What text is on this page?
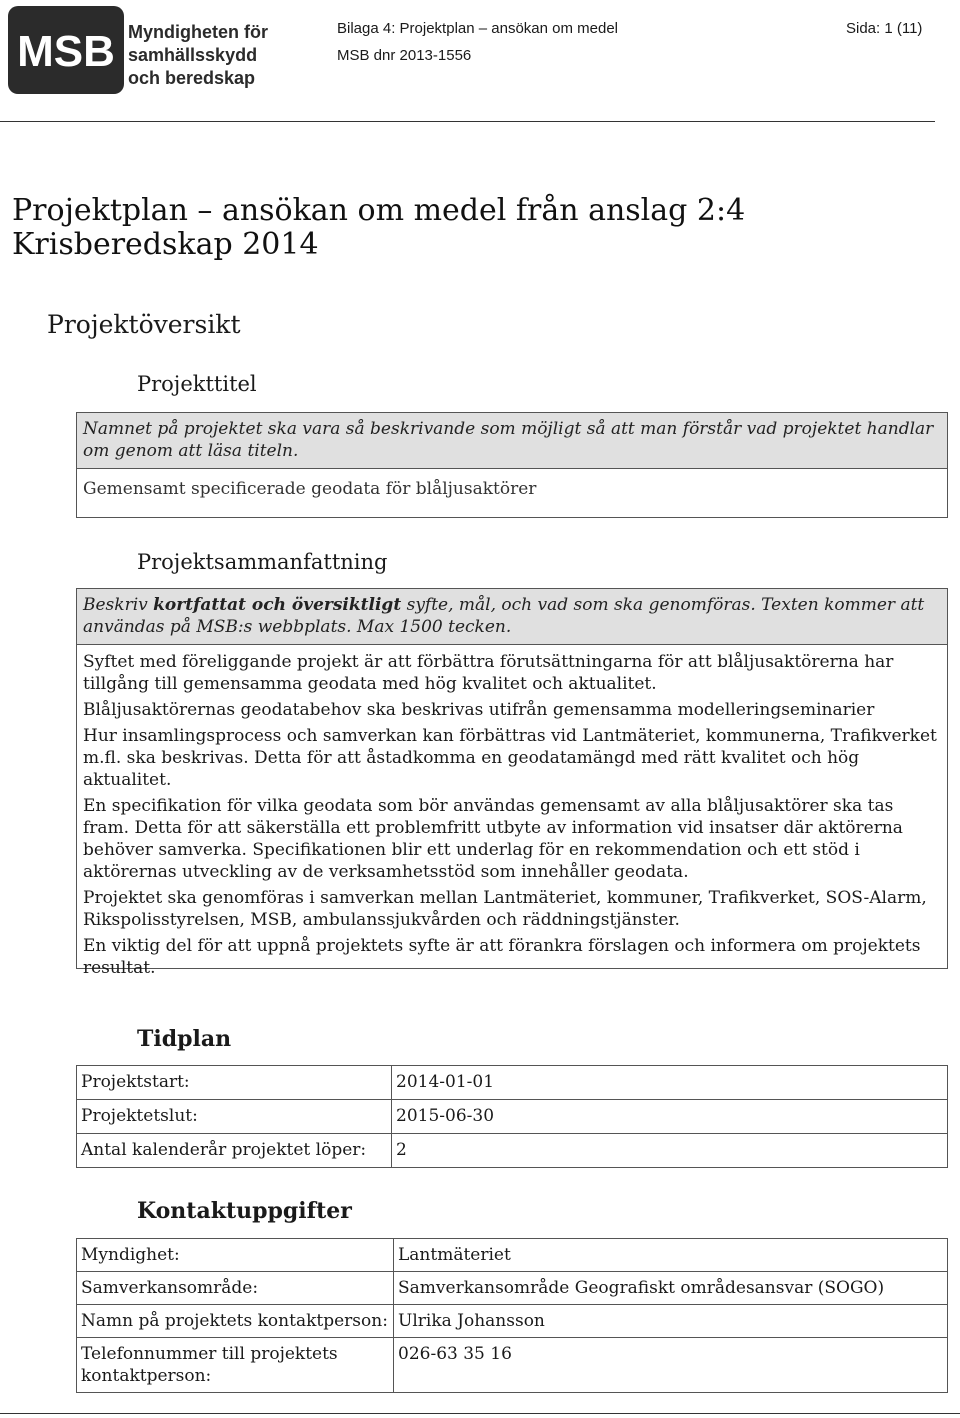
MSB Myndigheten för
samhällsskydd
och beredskap
Bilaga 4: Projektplan – ansökan om medel
MSB dnr 2013-1556
Sida: 1 (11)
Projektplan – ansökan om medel från anslag 2:4
Krisberedskap 2014
Projektöversikt
Projekttitel
Namnet på projektet ska vara så beskrivande som möjligt så att man förstår vad projektet handlar om genom att läsa titeln.
Gemensamt specificerade geodata för blåljusaktörer
Projektsammanfattning
Beskriv kortfattat och översiktligt syfte, mål, och vad som ska genomföras. Texten kommer att användas på MSB:s webbplats. Max 1500 tecken.

Syftet med föreliggande projekt är att förbättra förutsättningarna för att blåljusaktörerna har tillgång till gemensamma geodata med hög kvalitet och aktualitet.

Blåljusaktörernas geodatabehov ska beskrivas utifrån gemensamma modelleringseminarier

Hur insamlingsprocess och samverkan kan förbättras vid Lantmäteriet, kommunerna, Trafikverket m.fl. ska beskrivas. Detta för att åstadkomma en geodatamängd med rätt kvalitet och hög aktualitet.

En specifikation för vilka geodata som bör användas gemensamt av alla blåljusaktörer ska tas fram. Detta för att säkerställa ett problemfritt utbyte av information vid insatser där aktörerna behöver samverka. Specifikationen blir ett underlag för en rekommendation och ett stöd i aktörernas utveckling av de verksamhetsstöd som innehåller geodata.

Projektet ska genomföras i samverkan mellan Lantmäteriet, kommuner, Trafikverket, SOS-Alarm, Rikspolisstyrelsen, MSB, ambulanssjukvården och räddningstjänster.

En viktig del för att uppnå projektets syfte är att förankra förslagen och informera om projektets resultat.

Tidplan
Projektstart:	2014-01-01
Projektetslut:	2015-06-30
Antal kalenderår projektet löper:	2
Kontaktuppgifter
Myndighet:	Lantmäteriet
Samverkansområde:	Samverkansområde Geografiskt områdesansvar (SOGO)
Namn på projektets kontaktperson:	Ulrika Johansson
Telefonnummer till projektets kontaktperson:	026-63 35 16
